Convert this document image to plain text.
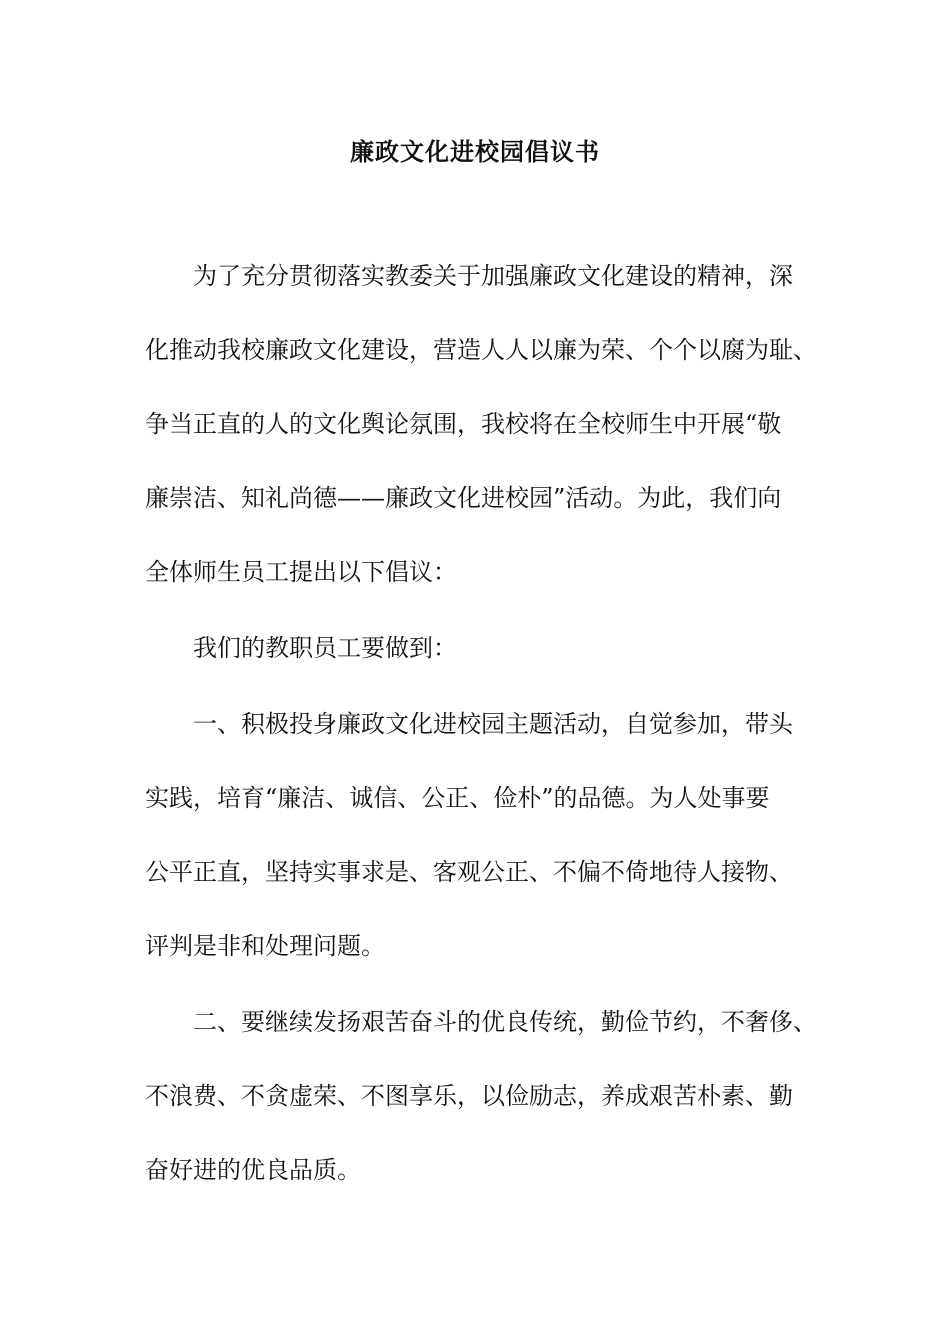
廉政文化进校园倡议书
为了充分贯彻落实教委关于加强廉政文化建设的精神，深
化推动我校廉政文化建设，营造人人以廉为荣、个个以腐为耻、
争当正直的人的文化舆论氛围，我校将在全校师生中开展“敬
廉崇洁、知礼尚德——廉政文化进校园”活动。为此，我们向
全体师生员工提出以下倡议：
我们的教职员工要做到：
一、积极投身廉政文化进校园主题活动，自觉参加，带头
实践，培育“廉洁、诚信、公正、俭朴”的品德。为人处事要
公平正直，坚持实事求是、客观公正、不偏不倚地待人接物、
评判是非和处理问题。
二、要继续发扬艰苦奋斗的优良传统，勤俭节约，不奢侈、
不浪费、不贪虚荣、不图享乐，以俭励志，养成艰苦朴素、勤
奋好进的优良品质。
